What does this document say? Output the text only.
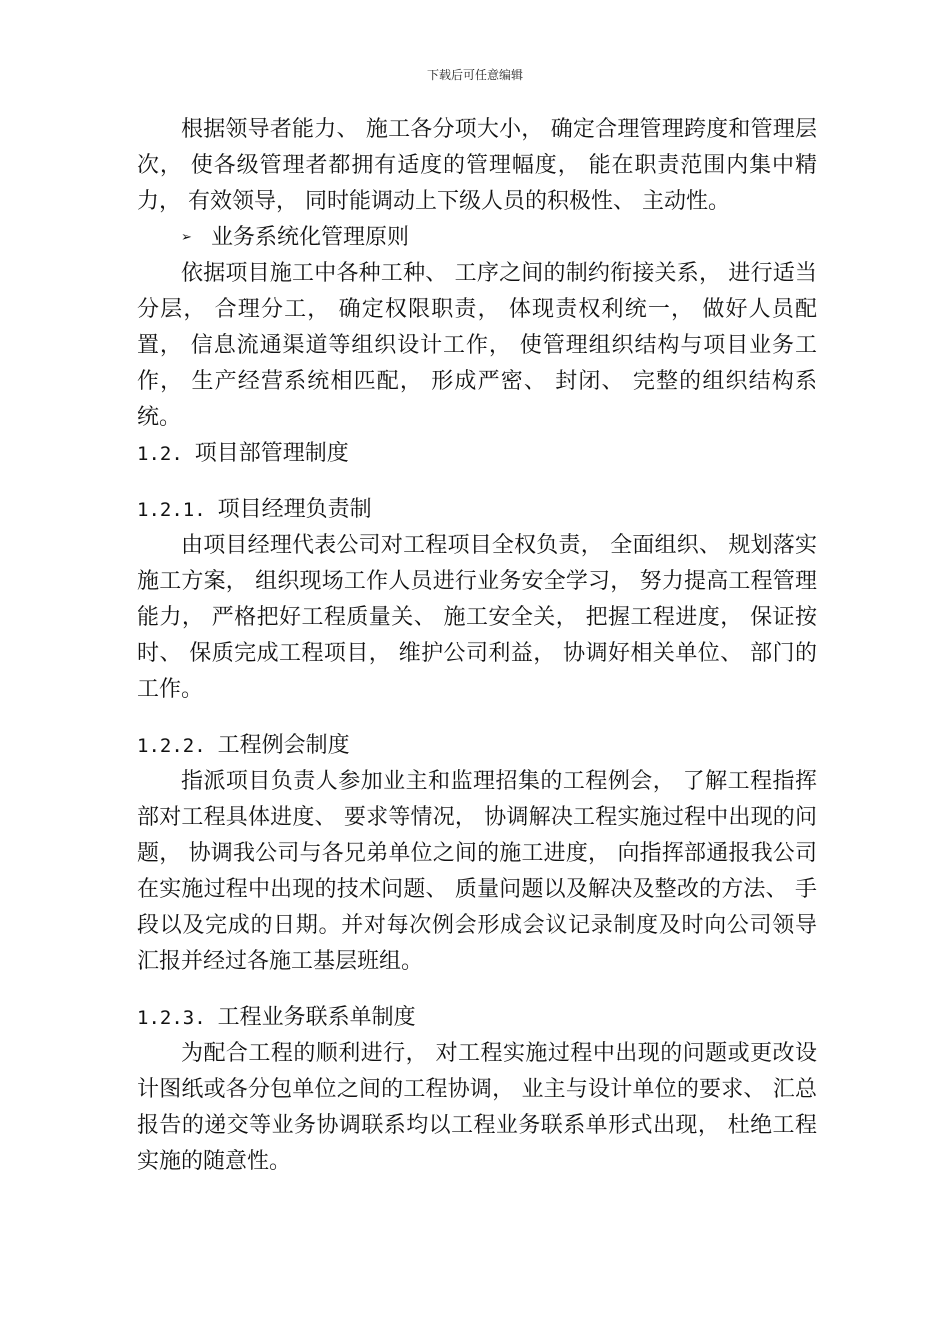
下载后可任意编辑

根据领导者能力、 施工各分项大小， 确定合理管理跨度和管理层次， 使各级管理者都拥有适度的管理幅度， 能在职责范围内集中精力， 有效领导， 同时能调动上下级人员的积极性、 主动性。

➢ 业务系统化管理原则

依据项目施工中各种工种、 工序之间的制约衔接关系， 进行适当分层， 合理分工， 确定权限职责， 体现责权利统一， 做好人员配置， 信息流通渠道等组织设计工作， 使管理组织结构与项目业务工作， 生产经营系统相匹配， 形成严密、 封闭、 完整的组织结构系统。

1.2. 项目部管理制度

1.2.1. 项目经理负责制

由项目经理代表公司对工程项目全权负责， 全面组织、 规划落实施工方案， 组织现场工作人员进行业务安全学习， 努力提高工程管理能力， 严格把好工程质量关、 施工安全关， 把握工程进度， 保证按时、 保质完成工程项目， 维护公司利益， 协调好相关单位、 部门的工作。

1.2.2. 工程例会制度

指派项目负责人参加业主和监理招集的工程例会， 了解工程指挥部对工程具体进度、 要求等情况， 协调解决工程实施过程中出现的问题， 协调我公司与各兄弟单位之间的施工进度， 向指挥部通报我公司在实施过程中出现的技术问题、 质量问题以及解决及整改的方法、 手段以及完成的日期。并对每次例会形成会议记录制度及时向公司领导汇报并经过各施工基层班组。

1.2.3. 工程业务联系单制度

为配合工程的顺利进行， 对工程实施过程中出现的问题或更改设计图纸或各分包单位之间的工程协调， 业主与设计单位的要求、 汇总报告的递交等业务协调联系均以工程业务联系单形式出现， 杜绝工程实施的随意性。
